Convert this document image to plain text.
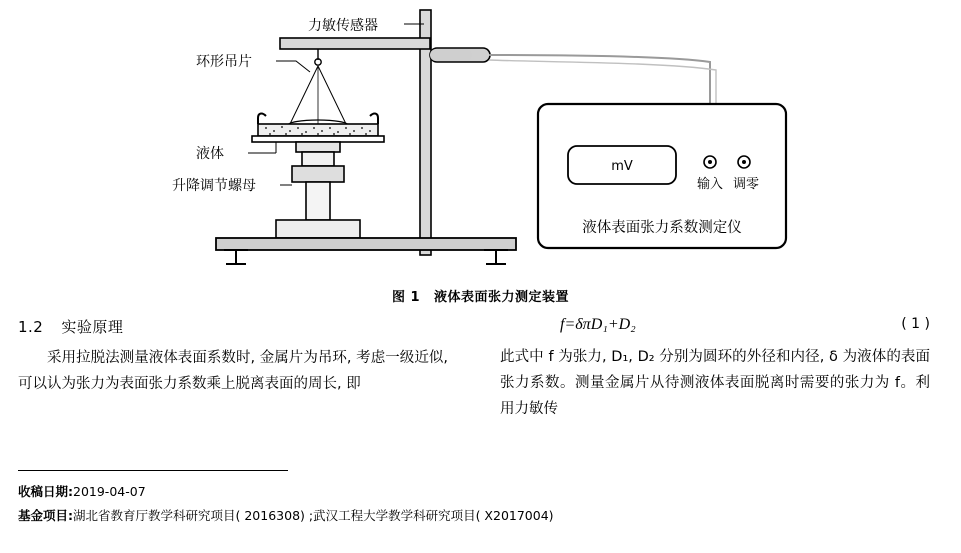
力敏传感器
环形吊片
液体
升降调节螺母
mV
输入 调零
液体表面张力系数测定仪
图 1 液体表面张力测定装置
1.2 实验原理
采用拉脱法测量液体表面系数时, 金属片为吊环, 考虑一级近似, 可以认为张力为表面张力系数乘上脱离表面的周长, 即
f=δπD₁+D₂	( 1 )
此式中 f 为张力, D₁, D₂ 分别为圆环的外径和内径, δ 为液体的表面张力系数。测量金属片从待测液体表面脱离时需要的张力为 f。利用力敏传
收稿日期:2019-04-07
基金项目:湖北省教育厅教学科研究项目( 2016308) ;武汉工程大学教学科研究项目( X2017004)
